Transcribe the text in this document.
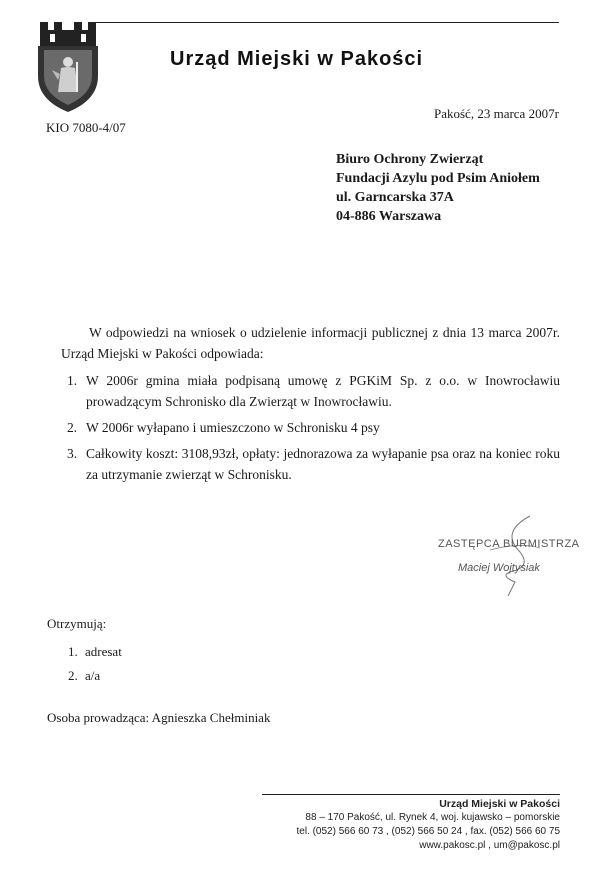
Urząd Miejski w Pakości
KIO 7080-4/07
Pakość, 23 marca 2007r
Biuro Ochrony Zwierząt
Fundacji Azylu pod Psim Aniołem
ul. Garncarska 37A
04-886 Warszawa

W odpowiedzi na wniosek o udzielenie informacji publicznej z dnia 13 marca 2007r. Urząd Miejski w Pakości odpowiada:

1. W 2006r gmina miała podpisaną umowę z PGKiM Sp. z o.o. w Inowrocławiu prowadzącym Schronisko dla Zwierząt w Inowrocławiu.
2. W 2006r wyłapano i umieszczono w Schronisku 4 psy
3. Całkowity koszt: 3108,93zł, opłaty: jednorazowa za wyłapanie psa oraz na koniec roku za utrzymanie zwierząt w Schronisku.
ZASTĘPCA BURMISTRZA
Maciej Wojtysiak
Otrzymują:
1. adresat
2. a/a
Osoba prowadząca: Agnieszka Chełminiak
Urząd Miejski w Pakości
88 – 170 Pakość, ul. Rynek 4, woj. kujawsko – pomorskie
tel. (052) 566 60 73 , (052) 566 50 24 , fax. (052) 566 60 75
www.pakosc.pl , um@pakosc.pl
